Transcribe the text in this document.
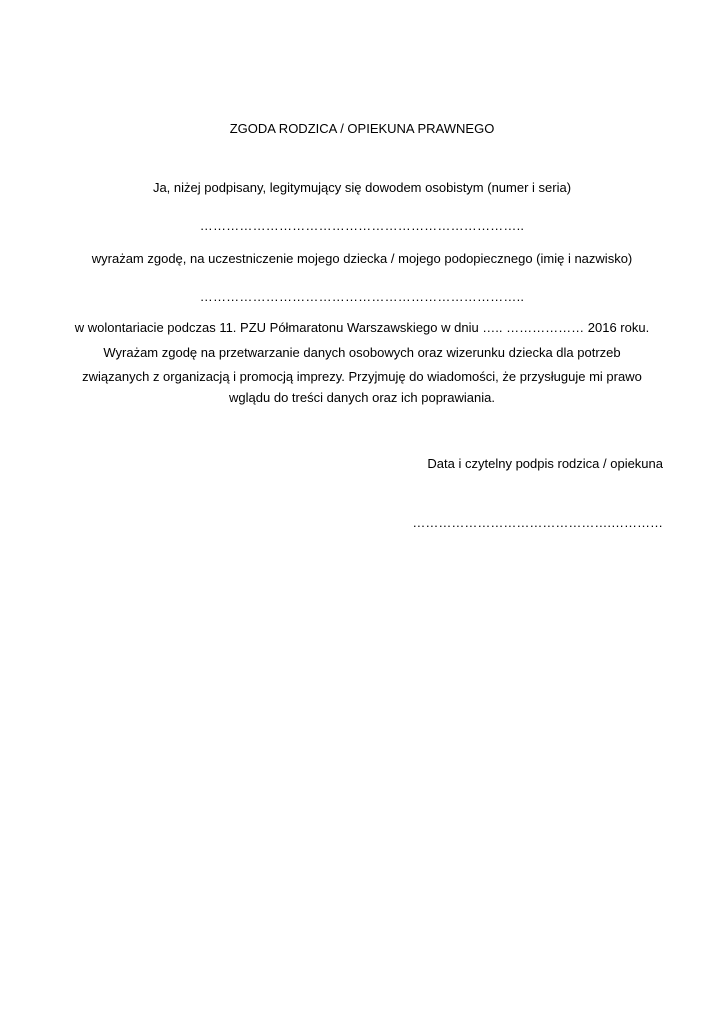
ZGODA RODZICA / OPIEKUNA PRAWNEGO
Ja, niżej podpisany, legitymujący się dowodem osobistym (numer i seria)
………………………………………………………………..
wyrażam zgodę, na uczestniczenie mojego dziecka / mojego podopiecznego (imię i nazwisko)
………………………………………………………………..
w wolontariacie podczas 11. PZU Półmaratonu Warszawskiego w dniu ….. ……………… 2016 roku.
Wyrażam zgodę na przetwarzanie danych osobowych oraz wizerunku dziecka dla potrzeb
związanych z organizacją i promocją imprezy. Przyjmuję do wiadomości, że przysługuje mi prawo
wglądu do treści danych oraz ich poprawiania.
Data i czytelny podpis rodzica / opiekuna
……………………………………….…………
